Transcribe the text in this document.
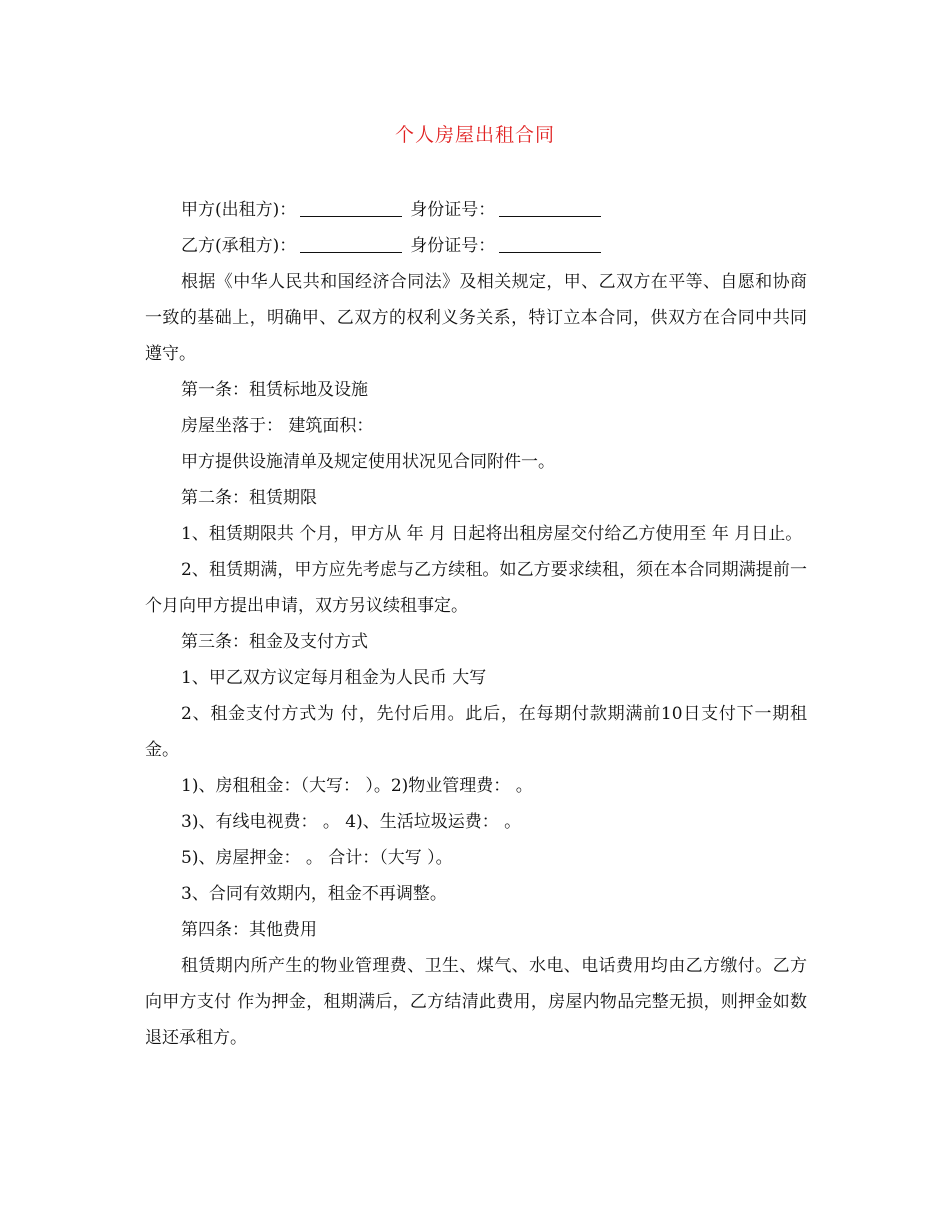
个人房屋出租合同

甲方(出租方)：	身份证号：

乙方(承租方)：	身份证号：

根据《中华人民共和国经济合同法》及相关规定，甲、乙双方在平等、自愿和协商一致的基础上，明确甲、乙双方的权利义务关系，特订立本合同，供双方在合同中共同遵守。

第一条：租赁标地及设施

房屋坐落于： 建筑面积：

甲方提供设施清单及规定使用状况见合同附件一。

第二条：租赁期限

1、租赁期限共 个月，甲方从 年 月 日起将出租房屋交付给乙方使用至 年 月日止。

2、租赁期满，甲方应先考虑与乙方续租。如乙方要求续租，须在本合同期满提前一个月向甲方提出申请，双方另议续租事定。

第三条：租金及支付方式

1、甲乙双方议定每月租金为人民币 大写

2、租金支付方式为 付，先付后用。此后，在每期付款期满前10日支付下一期租金。

1)、房租租金：（大写： ）。2)物业管理费： 。

3)、有线电视费： 。 4)、生活垃圾运费： 。

5)、房屋押金： 。 合计：（大写 ）。

3、合同有效期内，租金不再调整。

第四条：其他费用

租赁期内所产生的物业管理费、卫生、煤气、水电、电话费用均由乙方缴付。乙方向甲方支付 作为押金，租期满后，乙方结清此费用，房屋内物品完整无损，则押金如数退还承租方。
